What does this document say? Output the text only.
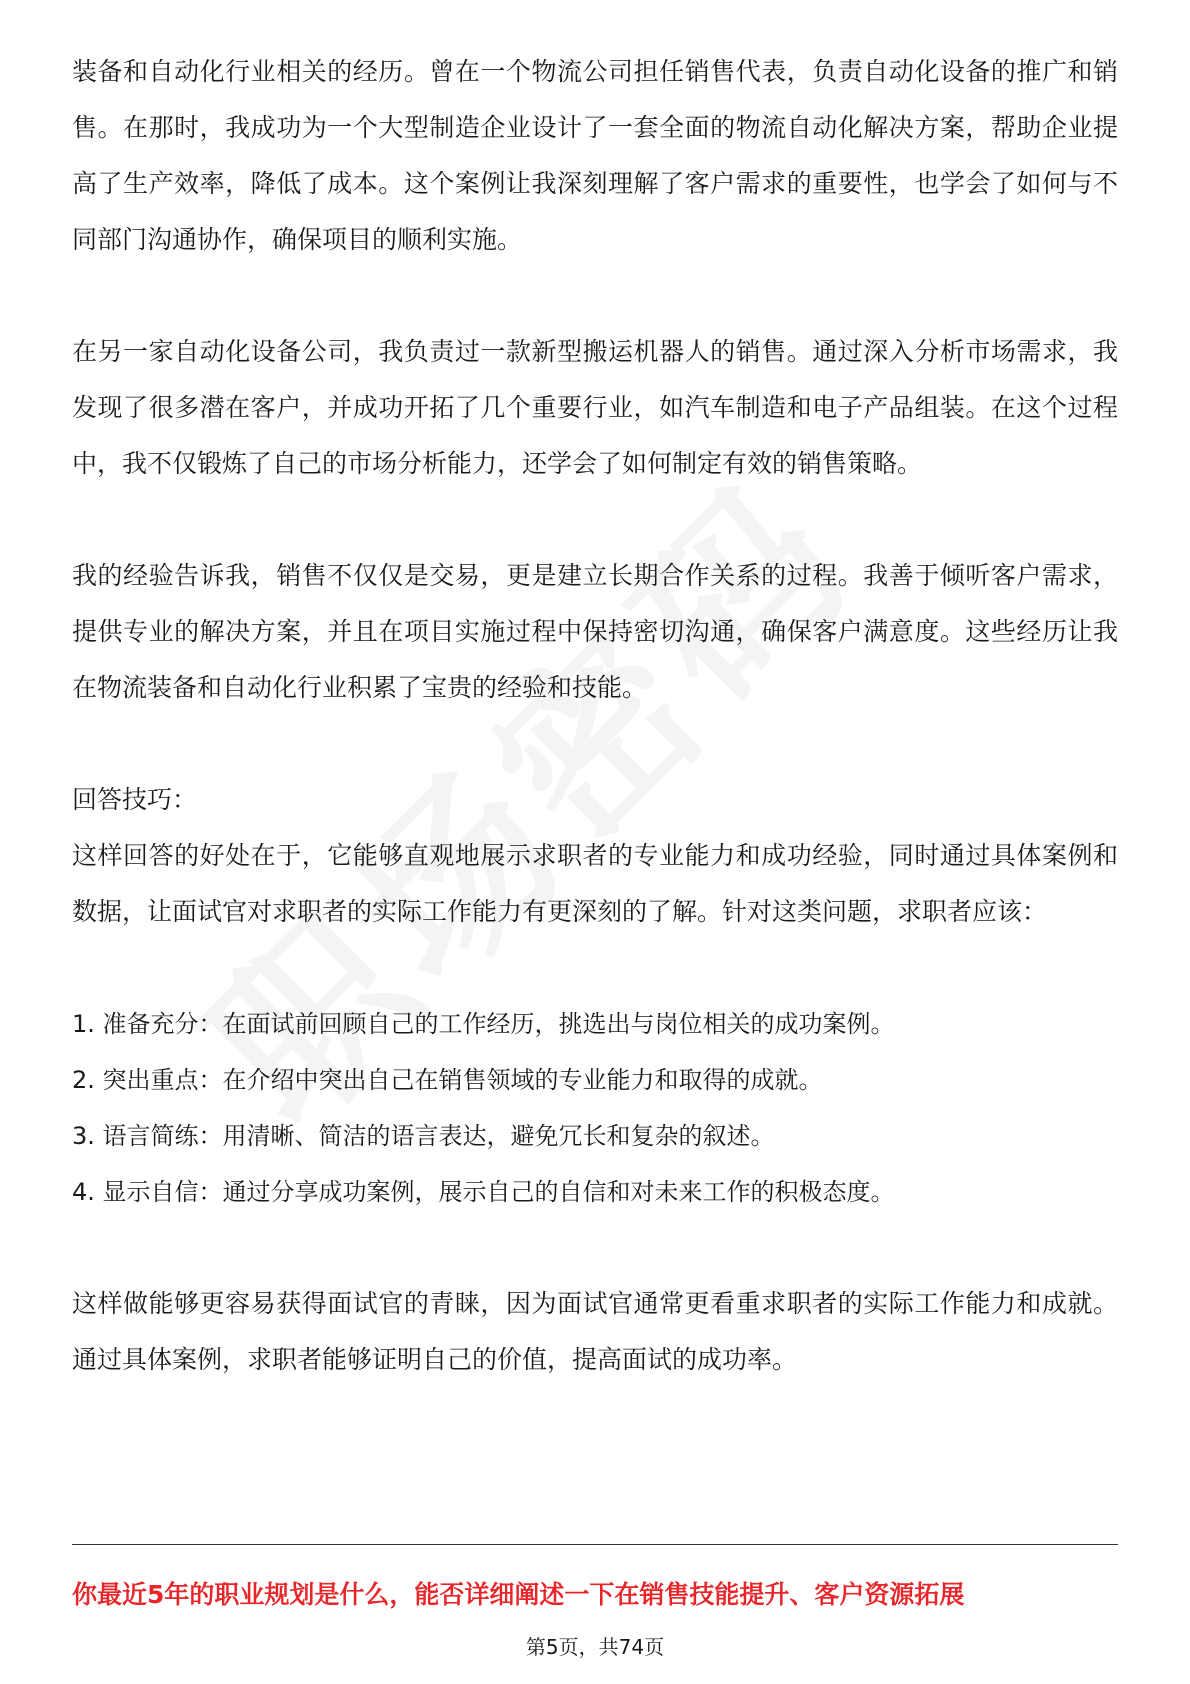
装备和自动化行业相关的经历。曾在一个物流公司担任销售代表，负责自动化设备的推广和销售。在那时，我成功为一个大型制造企业设计了一套全面的物流自动化解决方案，帮助企业提高了生产效率，降低了成本。这个案例让我深刻理解了客户需求的重要性，也学会了如何与不同部门沟通协作，确保项目的顺利实施。

在另一家自动化设备公司，我负责过一款新型搬运机器人的销售。通过深入分析市场需求，我发现了很多潜在客户，并成功开拓了几个重要行业，如汽车制造和电子产品组装。在这个过程中，我不仅锻炼了自己的市场分析能力，还学会了如何制定有效的销售策略。

我的经验告诉我，销售不仅仅是交易，更是建立长期合作关系的过程。我善于倾听客户需求，提供专业的解决方案，并且在项目实施过程中保持密切沟通，确保客户满意度。这些经历让我在物流装备和自动化行业积累了宝贵的经验和技能。

回答技巧：

这样回答的好处在于，它能够直观地展示求职者的专业能力和成功经验，同时通过具体案例和数据，让面试官对求职者的实际工作能力有更深刻的了解。针对这类问题，求职者应该：

1. 准备充分：在面试前回顾自己的工作经历，挑选出与岗位相关的成功案例。

2. 突出重点：在介绍中突出自己在销售领域的专业能力和取得的成就。

3. 语言简练：用清晰、简洁的语言表达，避免冗长和复杂的叙述。

4. 显示自信：通过分享成功案例，展示自己的自信和对未来工作的积极态度。

这样做能够更容易获得面试官的青睐，因为面试官通常更看重求职者的实际工作能力和成就。通过具体案例，求职者能够证明自己的价值，提高面试的成功率。

你最近5年的职业规划是什么，能否详细阐述一下在销售技能提升、客户资源拓展
第5页，共74页
